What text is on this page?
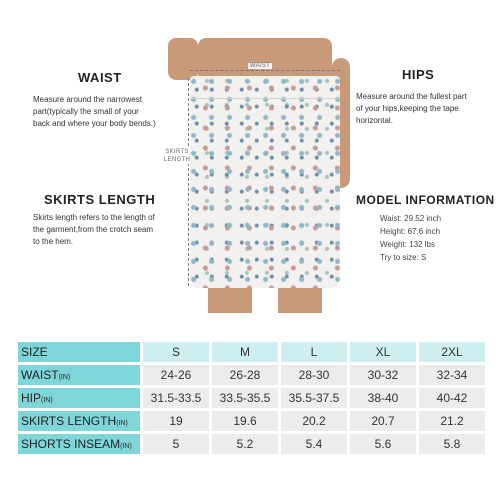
WAIST
Measure around the narrowest
part(typically the small of your
back and where your body bends.)
SKIRTS LENGTH
Skirts length refers to the length of
the garment,from the crotch seam
to the hem.
HIPS
Measure around the fullest part
of your hips,keeping the tape
horizontal.
MODEL INFORMATION
Waist: 29.52 inch
Height: 67.6 inch
Weight: 132 lbs
Try to size: S
WAIST
SKIRTS
LENGTH
SIZE	S	M	L	XL	2XL
WAIST(IN)	24-26	26-28	28-30	30-32	32-34
HIP(IN)	31.5-33.5	33.5-35.5	35.5-37.5	38-40	40-42
SKIRTS LENGTH(IN)	19	19.6	20.2	20.7	21.2
SHORTS INSEAM(IN)	5	5.2	5.4	5.6	5.8
